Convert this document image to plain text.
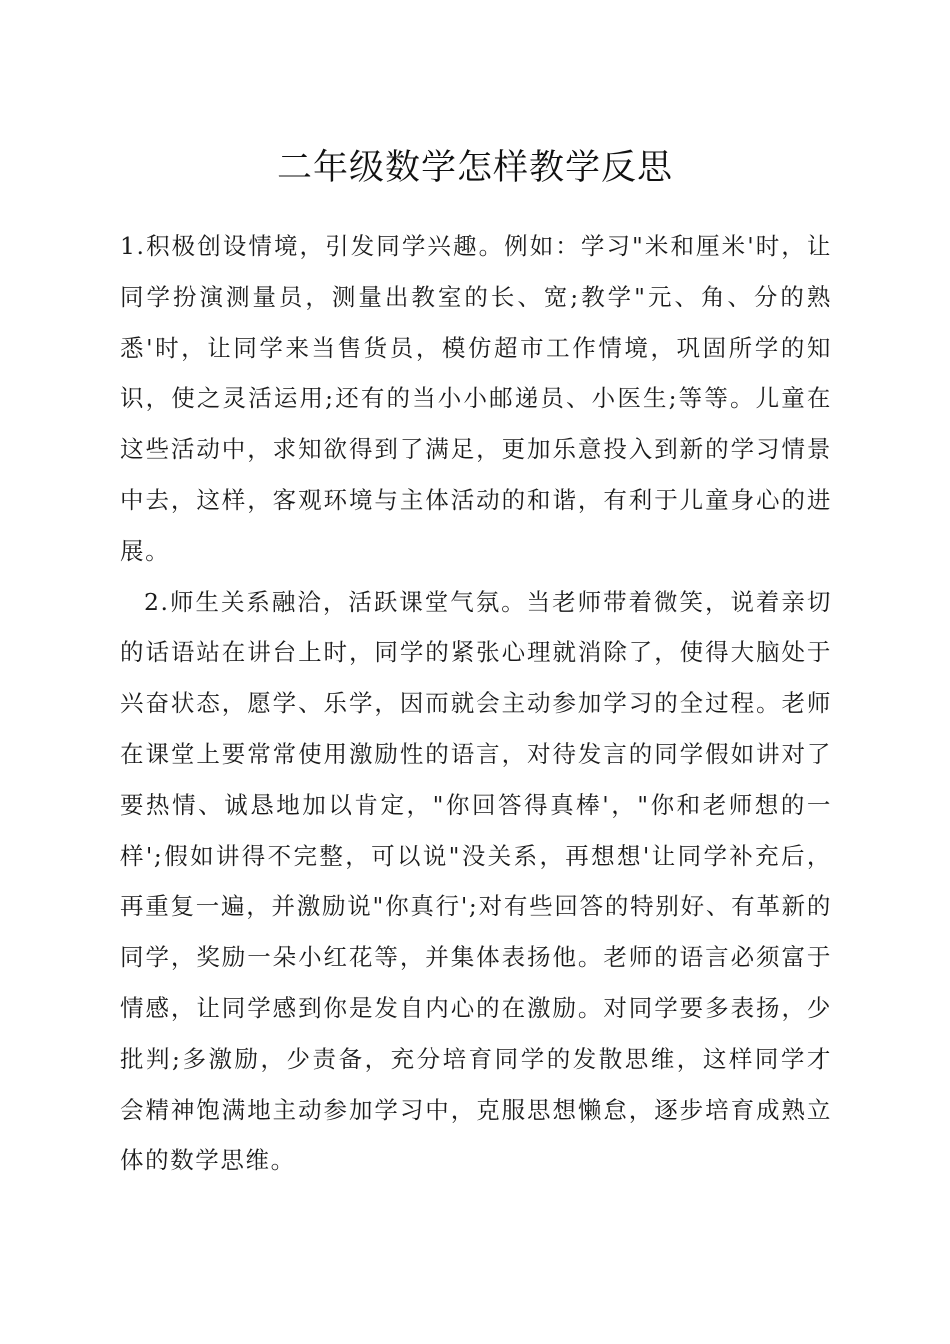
二年级数学怎样教学反思

1.积极创设情境，引发同学兴趣。例如：学习"米和厘米'时，让同学扮演测量员，测量出教室的长、宽;教学"元、角、分的熟悉'时，让同学来当售货员，模仿超市工作情境，巩固所学的知识，使之灵活运用;还有的当小小邮递员、小医生;等等。儿童在这些活动中，求知欲得到了满足，更加乐意投入到新的学习情景中去，这样，客观环境与主体活动的和谐，有利于儿童身心的进展。

2.师生关系融洽，活跃课堂气氛。当老师带着微笑，说着亲切的话语站在讲台上时，同学的紧张心理就消除了，使得大脑处于兴奋状态，愿学、乐学，因而就会主动参加学习的全过程。老师在课堂上要常常使用激励性的语言，对待发言的同学假如讲对了要热情、诚恳地加以肯定，"你回答得真棒'，"你和老师想的一样';假如讲得不完整，可以说"没关系，再想想'让同学补充后，再重复一遍，并激励说"你真行';对有些回答的特别好、有革新的同学，奖励一朵小红花等，并集体表扬他。老师的语言必须富于情感，让同学感到你是发自内心的在激励。对同学要多表扬，少批判;多激励，少责备，充分培育同学的发散思维，这样同学才会精神饱满地主动参加学习中，克服思想懒怠，逐步培育成熟立体的数学思维。
